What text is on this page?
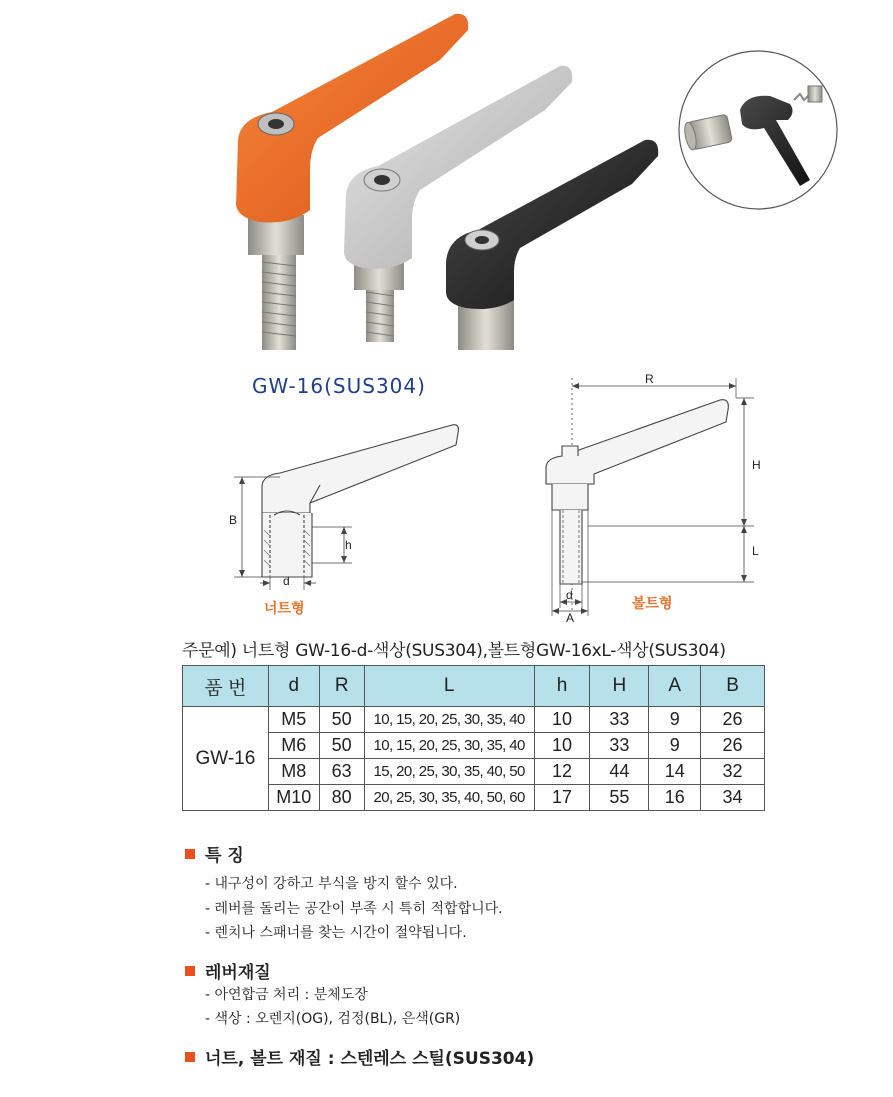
GW-16(SUS304)
B
h
d
너트형
R
H
L
d
A
볼트형
주문예) 너트형 GW-16-d-색상(SUS304),볼트형GW-16xL-색상(SUS304)
품 번	d	R	L	h	H	A	B
GW-16	M5	50	10, 15, 20, 25, 30, 35, 40	10	33	9	26
	M6	50	10, 15, 20, 25, 30, 35, 40	10	33	9	26
	M8	63	15, 20, 25, 30, 35, 40, 50	12	44	14	32
	M10	80	20, 25, 30, 35, 40, 50, 60	17	55	16	34
특 징
- 내구성이 강하고 부식을 방지 할수 있다.
- 레버를 돌리는 공간이 부족 시 특히 적합합니다.
- 렌치나 스패너를 찾는 시간이 절약됩니다.
레버재질
- 아연합금 처리 : 분체도장
- 색상 : 오렌지(OG), 검정(BL), 은색(GR)
너트, 볼트 재질 : 스텐레스 스틸(SUS304)
